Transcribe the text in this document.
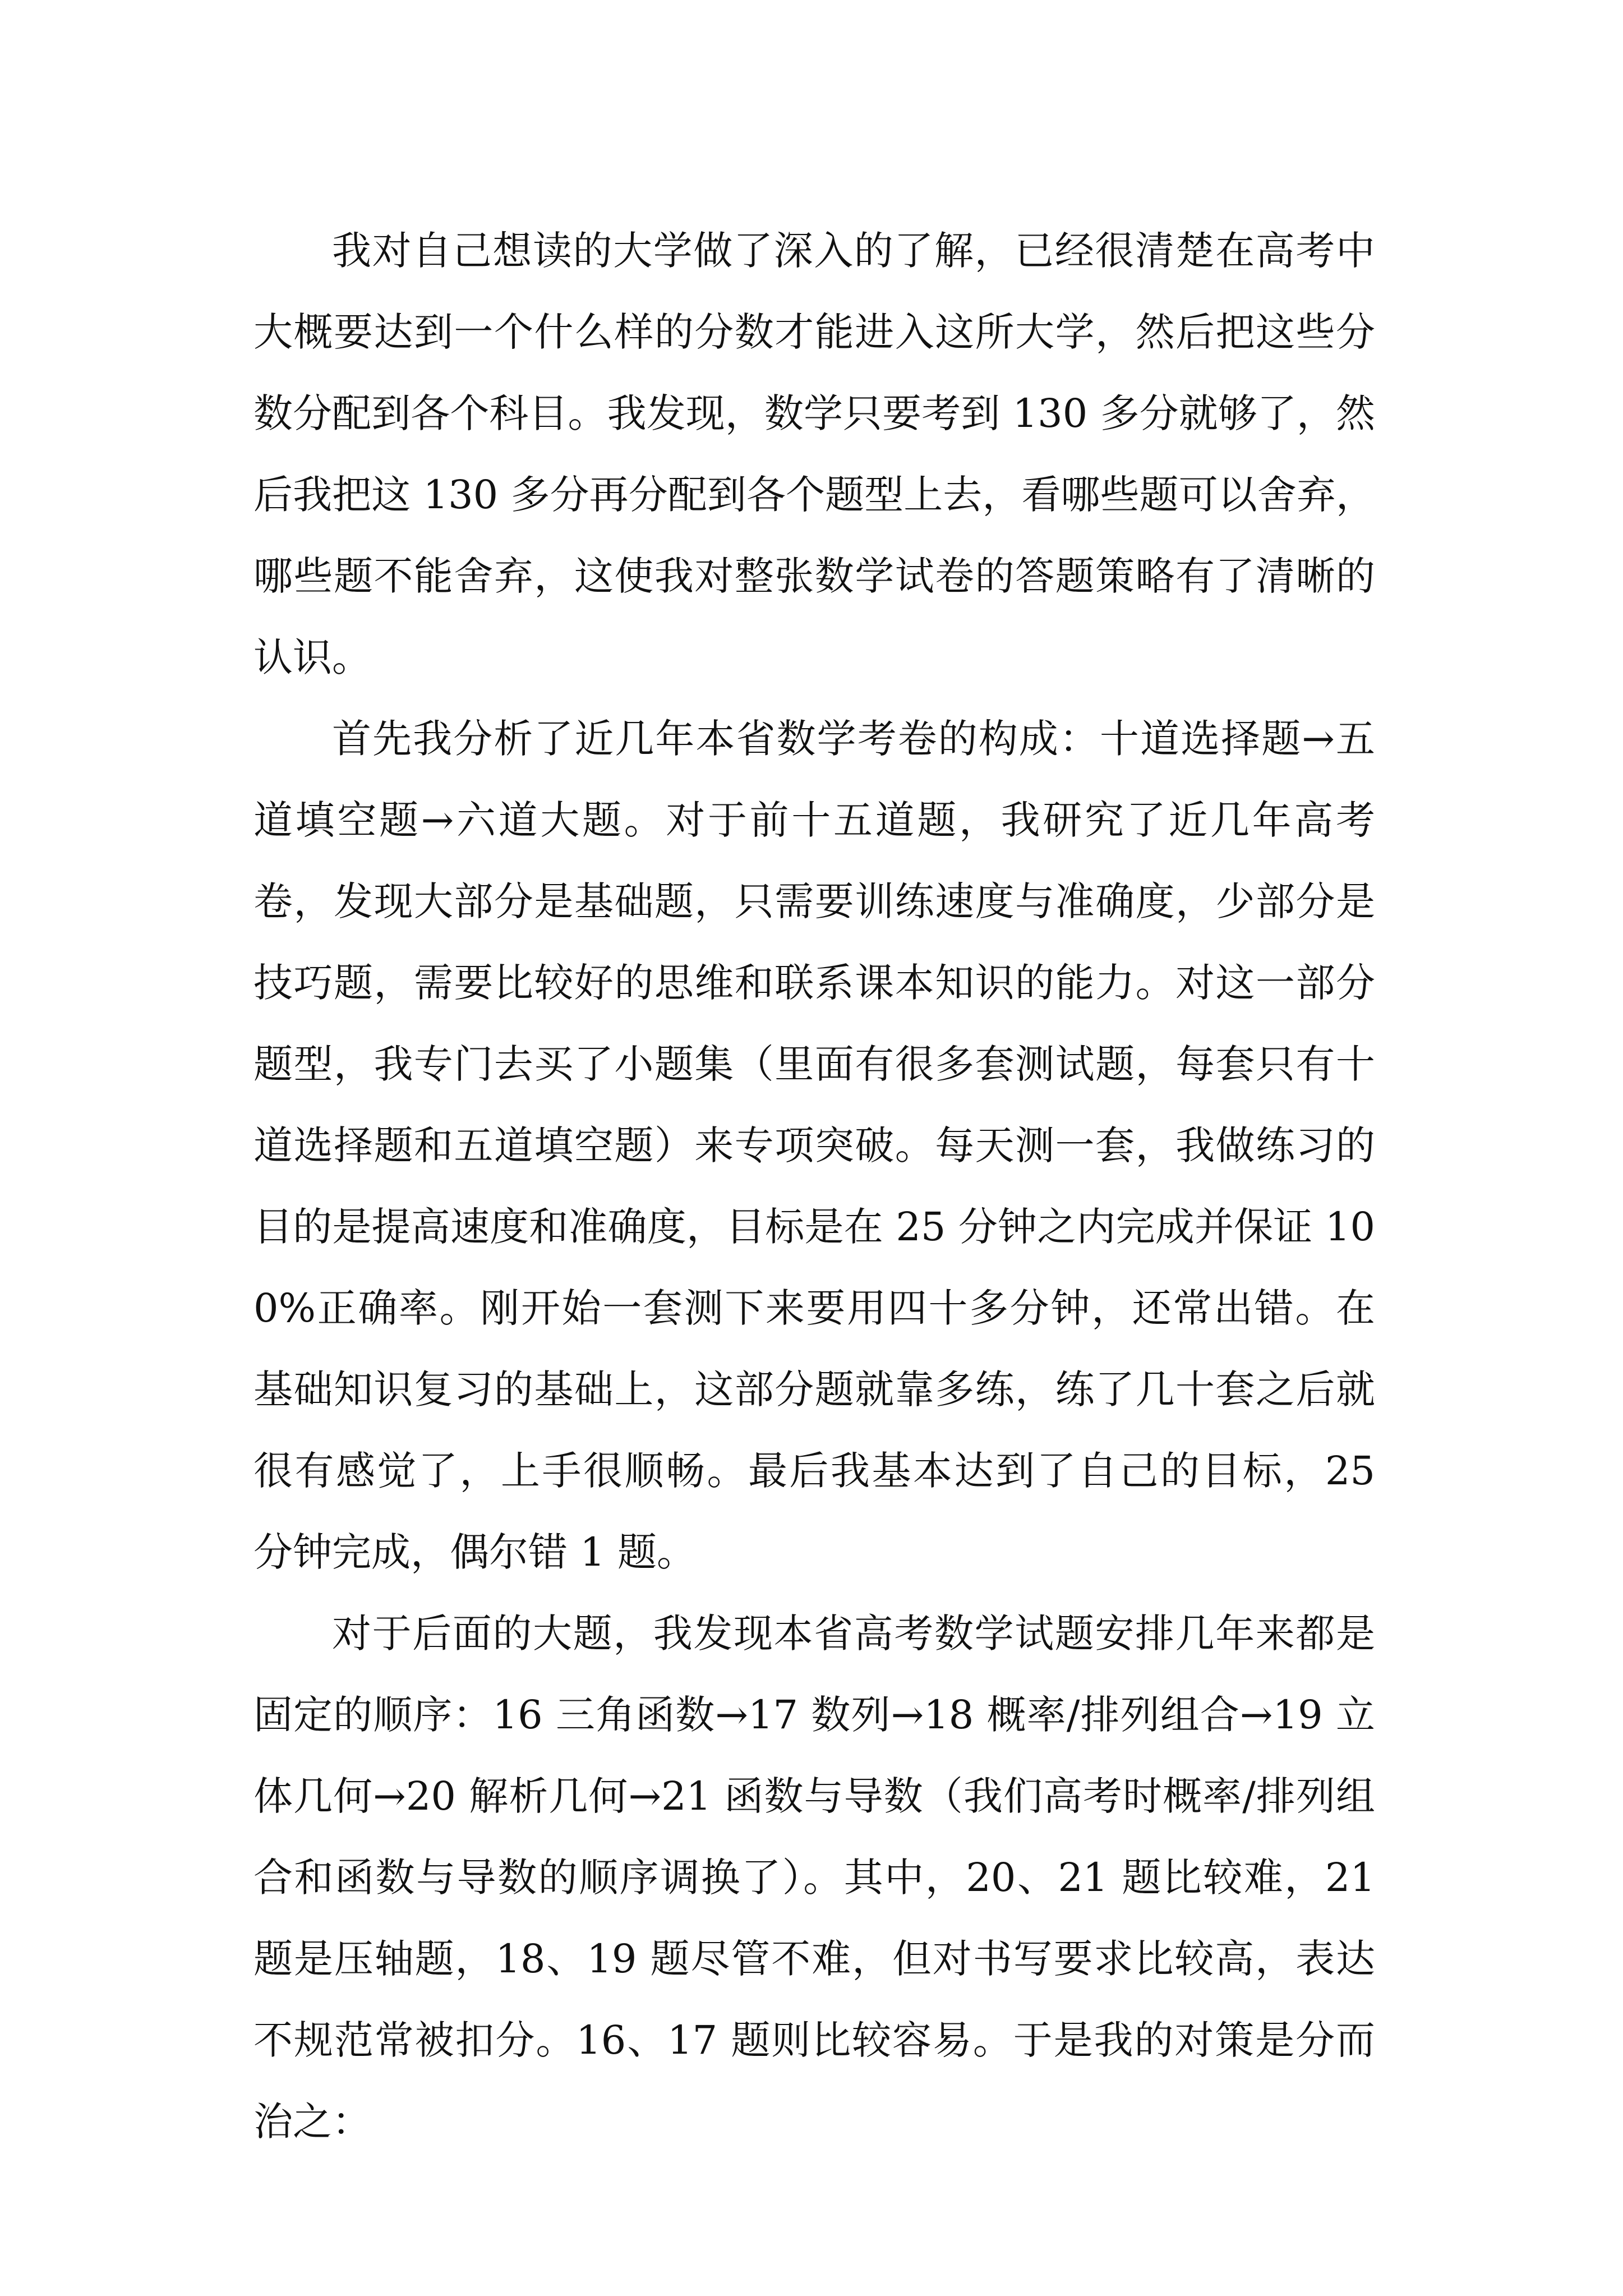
我对自己想读的大学做了深入的了解，已经很清楚在高考中大概要达到一个什么样的分数才能进入这所大学，然后把这些分数分配到各个科目。我发现，数学只要考到 130 多分就够了，然后我把这 130 多分再分配到各个题型上去，看哪些题可以舍弃，哪些题不能舍弃，这使我对整张数学试卷的答题策略有了清晰的认识。

首先我分析了近几年本省数学考卷的构成：十道选择题→五道填空题→六道大题。对于前十五道题，我研究了近几年高考卷，发现大部分是基础题，只需要训练速度与准确度，少部分是技巧题，需要比较好的思维和联系课本知识的能力。对这一部分题型，我专门去买了小题集（里面有很多套测试题，每套只有十道选择题和五道填空题）来专项突破。每天测一套，我做练习的目的是提高速度和准确度，目标是在 25 分钟之内完成并保证 100%正确率。刚开始一套测下来要用四十多分钟，还常出错。在基础知识复习的基础上，这部分题就靠多练，练了几十套之后就很有感觉了，上手很顺畅。最后我基本达到了自己的目标，25 分钟完成，偶尔错 1 题。

对于后面的大题，我发现本省高考数学试题安排几年来都是固定的顺序：16 三角函数→17 数列→18 概率/排列组合→19 立体几何→20 解析几何→21 函数与导数（我们高考时概率/排列组合和函数与导数的顺序调换了）。其中，20、21 题比较难，21 题是压轴题，18、19 题尽管不难，但对书写要求比较高，表达不规范常被扣分。16、17 题则比较容易。于是我的对策是分而治之：
